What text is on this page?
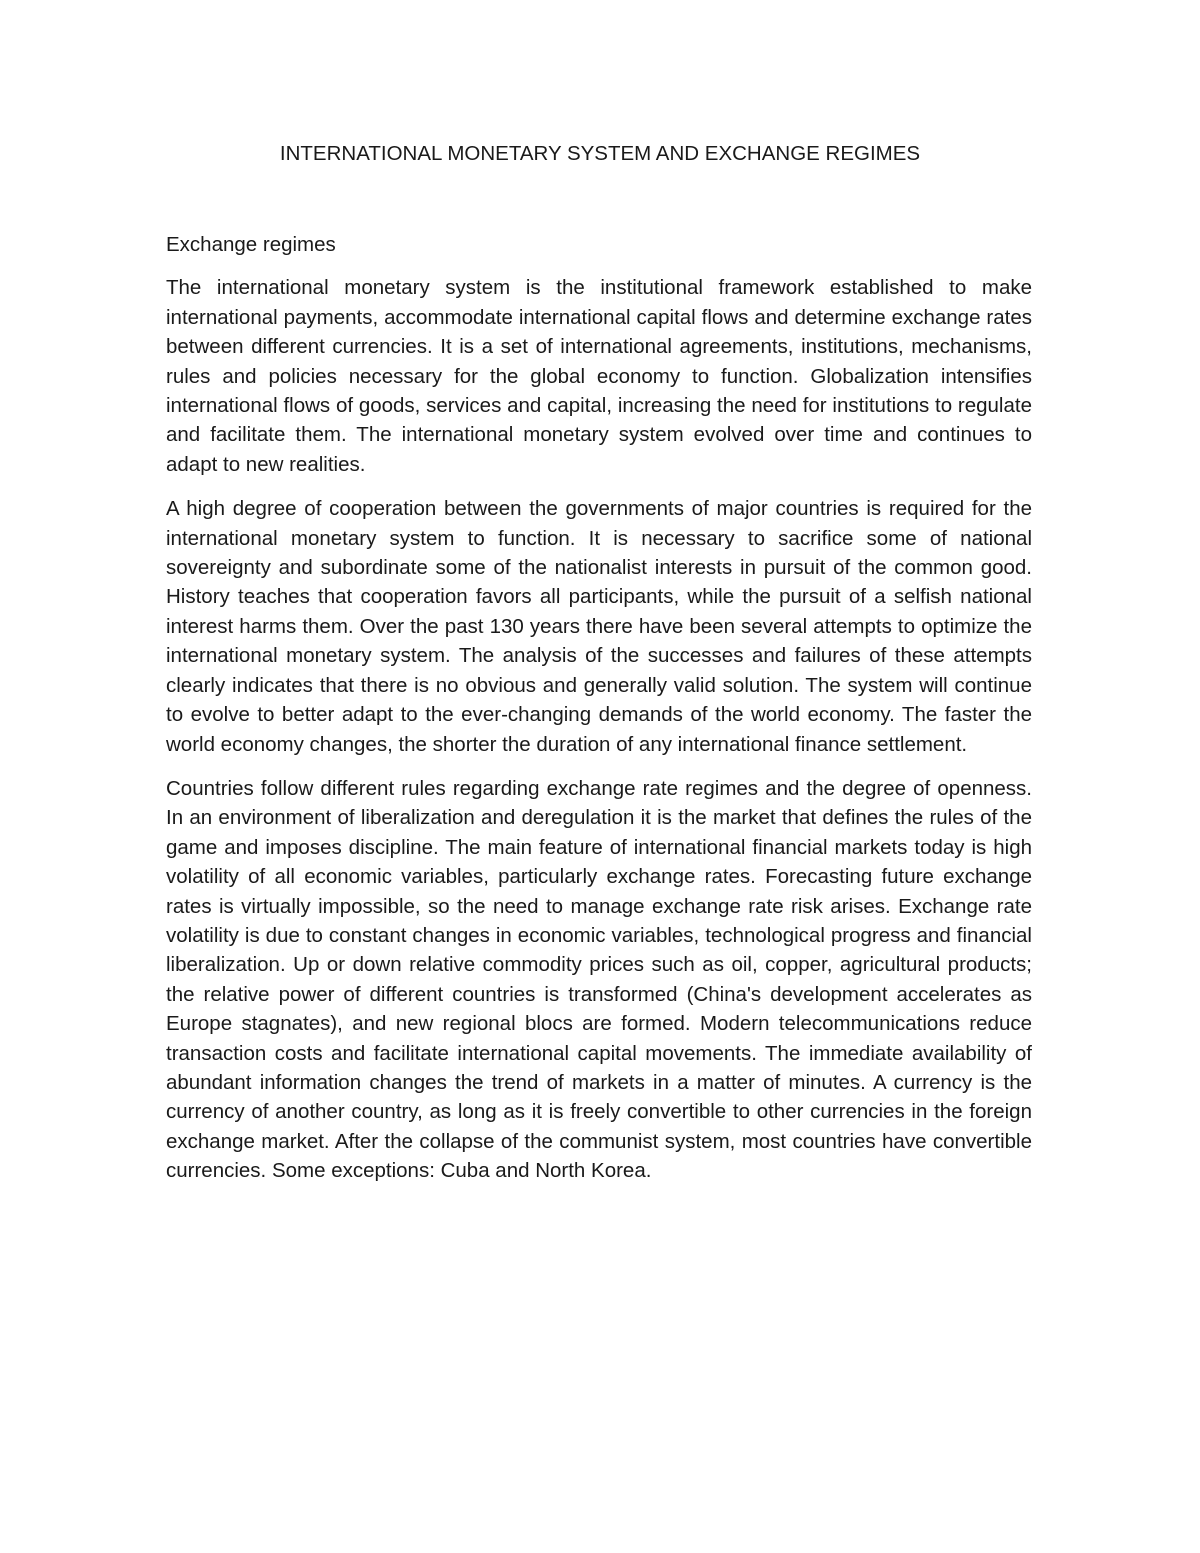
INTERNATIONAL MONETARY SYSTEM AND EXCHANGE REGIMES
Exchange regimes

The international monetary system is the institutional framework established to make international payments, accommodate international capital flows and determine exchange rates between different currencies. It is a set of international agreements, institutions, mechanisms, rules and policies necessary for the global economy to function. Globalization intensifies international flows of goods, services and capital, increasing the need for institutions to regulate and facilitate them. The international monetary system evolved over time and continues to adapt to new realities.

A high degree of cooperation between the governments of major countries is required for the international monetary system to function. It is necessary to sacrifice some of national sovereignty and subordinate some of the nationalist interests in pursuit of the common good. History teaches that cooperation favors all participants, while the pursuit of a selfish national interest harms them. Over the past 130 years there have been several attempts to optimize the international monetary system. The analysis of the successes and failures of these attempts clearly indicates that there is no obvious and generally valid solution. The system will continue to evolve to better adapt to the ever-changing demands of the world economy. The faster the world economy changes, the shorter the duration of any international finance settlement.

Countries follow different rules regarding exchange rate regimes and the degree of openness. In an environment of liberalization and deregulation it is the market that defines the rules of the game and imposes discipline. The main feature of international financial markets today is high volatility of all economic variables, particularly exchange rates. Forecasting future exchange rates is virtually impossible, so the need to manage exchange rate risk arises. Exchange rate volatility is due to constant changes in economic variables, technological progress and financial liberalization. Up or down relative commodity prices such as oil, copper, agricultural products; the relative power of different countries is transformed (China's development accelerates as Europe stagnates), and new regional blocs are formed. Modern telecommunications reduce transaction costs and facilitate international capital movements. The immediate availability of abundant information changes the trend of markets in a matter of minutes. A currency is the currency of another country, as long as it is freely convertible to other currencies in the foreign exchange market. After the collapse of the communist system, most countries have convertible currencies. Some exceptions: Cuba and North Korea.
